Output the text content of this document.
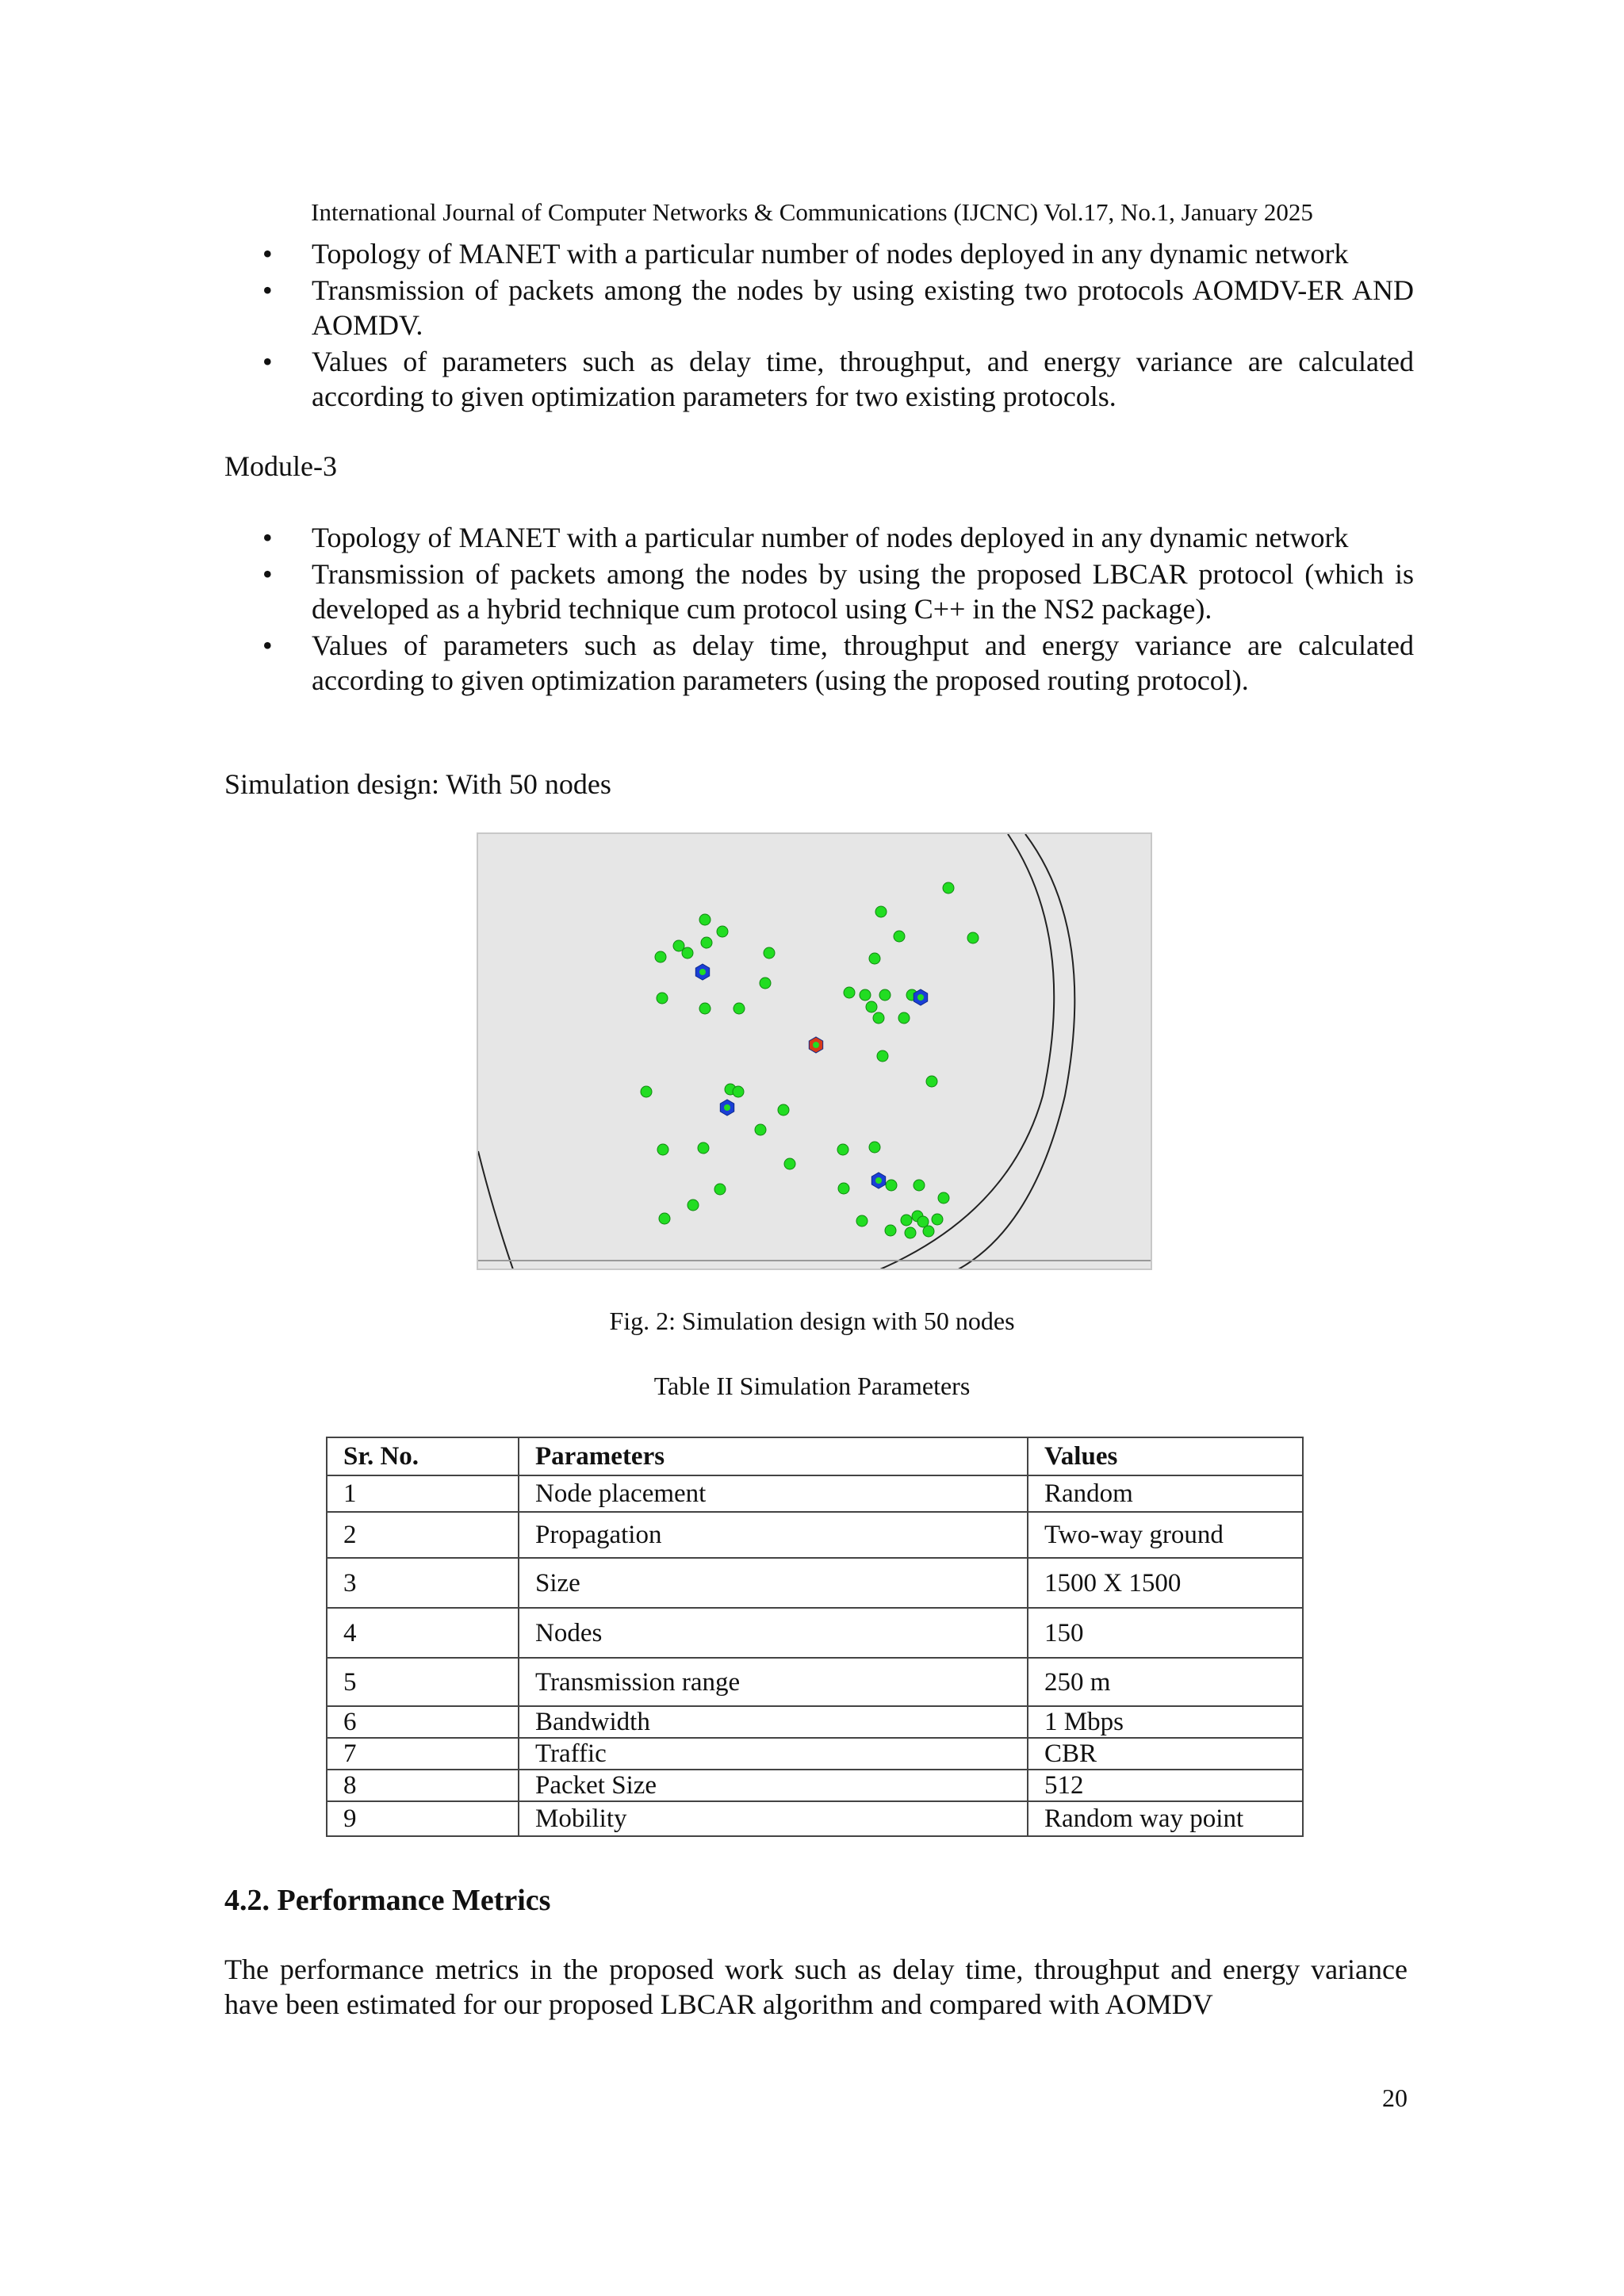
International Journal of Computer Networks & Communications (IJCNC) Vol.17, No.1, January 2025
• Topology of MANET with a particular number of nodes deployed in any dynamic network
• Transmission of packets among the nodes by using existing two protocols AOMDV-ER AND AOMDV.
• Values of parameters such as delay time, throughput, and energy variance are calculated according to given optimization parameters for two existing protocols.
Module-3
• Topology of MANET with a particular number of nodes deployed in any dynamic network
• Transmission of packets among the nodes by using the proposed LBCAR protocol (which is developed as a hybrid technique cum protocol using C++ in the NS2 package).
• Values of parameters such as delay time, throughput and energy variance are calculated according to given optimization parameters (using the proposed routing protocol).
Simulation design: With 50 nodes
Fig. 2: Simulation design with 50 nodes
Table II Simulation Parameters
Sr. No.	Parameters	Values
1	Node placement	Random
2	Propagation	Two-way ground
3	Size	1500 X 1500
4	Nodes	150
5	Transmission range	250 m
6	Bandwidth	1 Mbps
7	Traffic	CBR
8	Packet Size	512
9	Mobility	Random way point
4.2. Performance Metrics
The performance metrics in the proposed work such as delay time, throughput and energy variance have been estimated for our proposed LBCAR algorithm and compared with AOMDV
20
